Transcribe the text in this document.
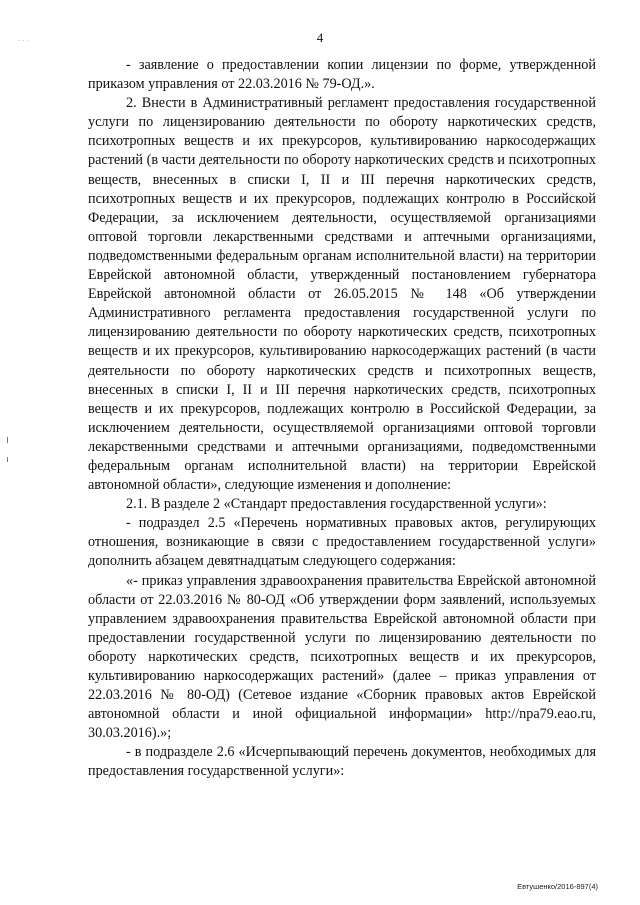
4
· · ·

- заявление о предоставлении копии лицензии по форме, утвержденной приказом управления от 22.03.2016 № 79-ОД.».

2. Внести в Административный регламент предоставления государственной услуги по лицензированию деятельности по обороту наркотических средств, психотропных веществ и их прекурсоров, культивированию наркосодержащих растений (в части деятельности по обороту наркотических средств и психотропных веществ, внесенных в списки I, II и III перечня наркотических средств, психотропных веществ и их прекурсоров, подлежащих контролю в Российской Федерации, за исключением деятельности, осуществляемой организациями оптовой торговли лекарственными средствами и аптечными организациями, подведомственными федеральным органам исполнительной власти) на территории Еврейской автономной области, утвержденный постановлением губернатора Еврейской автономной области от 26.05.2015 № 148 «Об утверждении Административного регламента предоставления государственной услуги по лицензированию деятельности по обороту наркотических средств, психотропных веществ и их прекурсоров, культивированию наркосодержащих растений (в части деятельности по обороту наркотических средств и психотропных веществ, внесенных в списки I, II и III перечня наркотических средств, психотропных веществ и их прекурсоров, подлежащих контролю в Российской Федерации, за исключением деятельности, осуществляемой организациями оптовой торговли лекарственными средствами и аптечными организациями, подведомственными федеральным органам исполнительной власти) на территории Еврейской автономной области», следующие изменения и дополнение:

2.1. В разделе 2 «Стандарт предоставления государственной услуги»:

- подраздел 2.5 «Перечень нормативных правовых актов, регулирующих отношения, возникающие в связи с предоставлением государственной услуги» дополнить абзацем девятнадцатым следующего содержания:

«- приказ управления здравоохранения правительства Еврейской автономной области от 22.03.2016 № 80-ОД «Об утверждении форм заявлений, используемых управлением здравоохранения правительства Еврейской автономной области при предоставлении государственной услуги по лицензированию деятельности по обороту наркотических средств, психотропных веществ и их прекурсоров, культивированию наркосодержащих растений» (далее – приказ управления от 22.03.2016 № 80-ОД) (Сетевое издание «Сборник правовых актов Еврейской автономной области и иной официальной информации» http://npa79.eao.ru, 30.03.2016).»;

- в подразделе 2.6 «Исчерпывающий перечень документов, необходимых для предоставления государственной услуги»:

Евтушенко/2016-897(4)
